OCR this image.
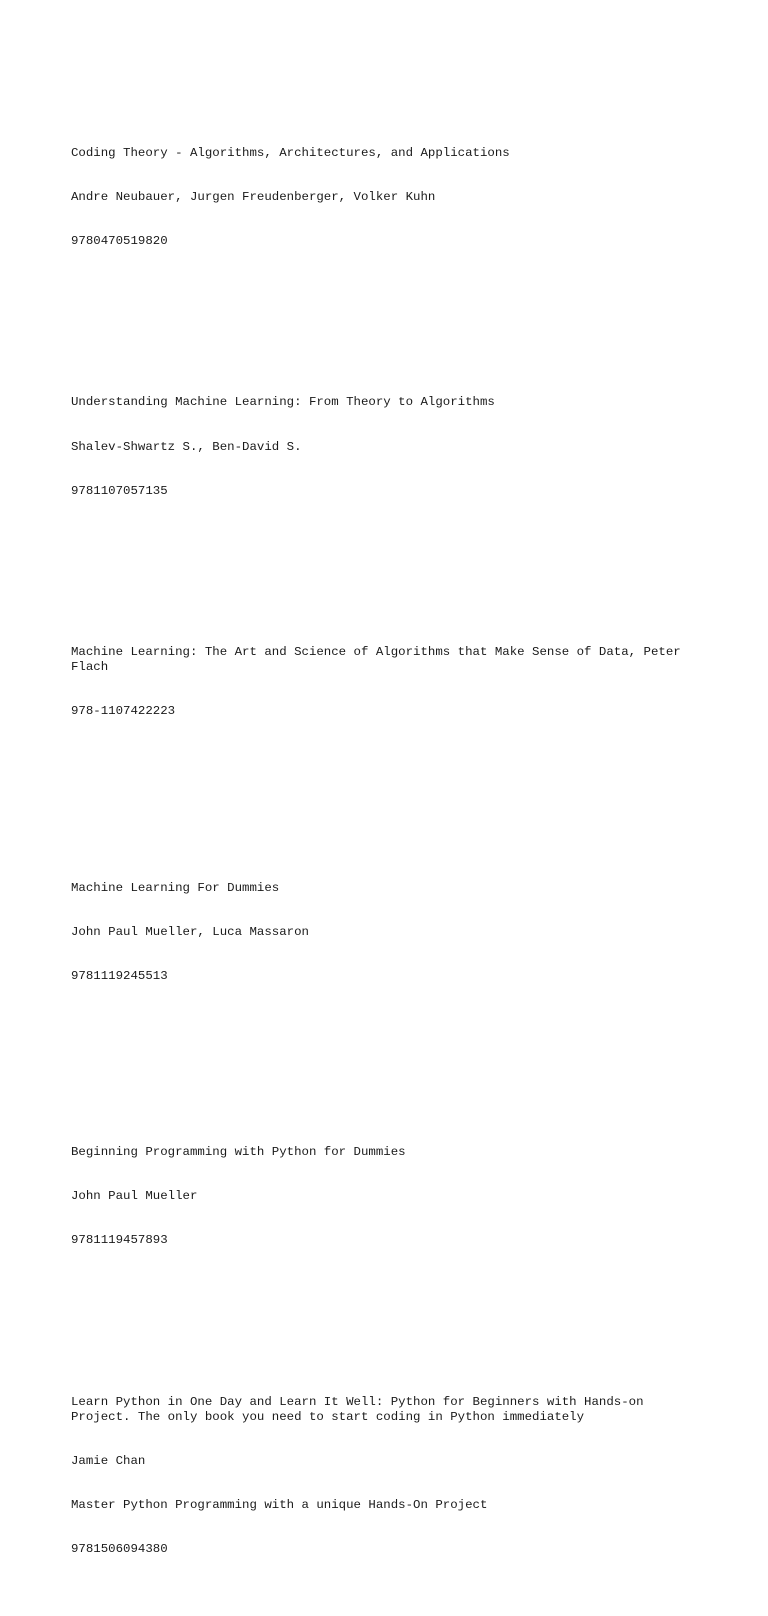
Coding Theory - Algorithms, Architectures, and Applications

Andre Neubauer, Jurgen Freudenberger, Volker Kuhn

9780470519820

Understanding Machine Learning: From Theory to Algorithms

Shalev-Shwartz S., Ben-David S.

9781107057135

Machine Learning: The Art and Science of Algorithms that Make Sense of Data, Peter Flach

978-1107422223

Machine Learning For Dummies

John Paul Mueller, Luca Massaron

9781119245513

Beginning Programming with Python for Dummies

John Paul Mueller

9781119457893

Learn Python in One Day and Learn It Well: Python for Beginners with Hands-on Project. The only book you need to start coding in Python immediately

Jamie Chan

Master Python Programming with a unique Hands-On Project

9781506094380
